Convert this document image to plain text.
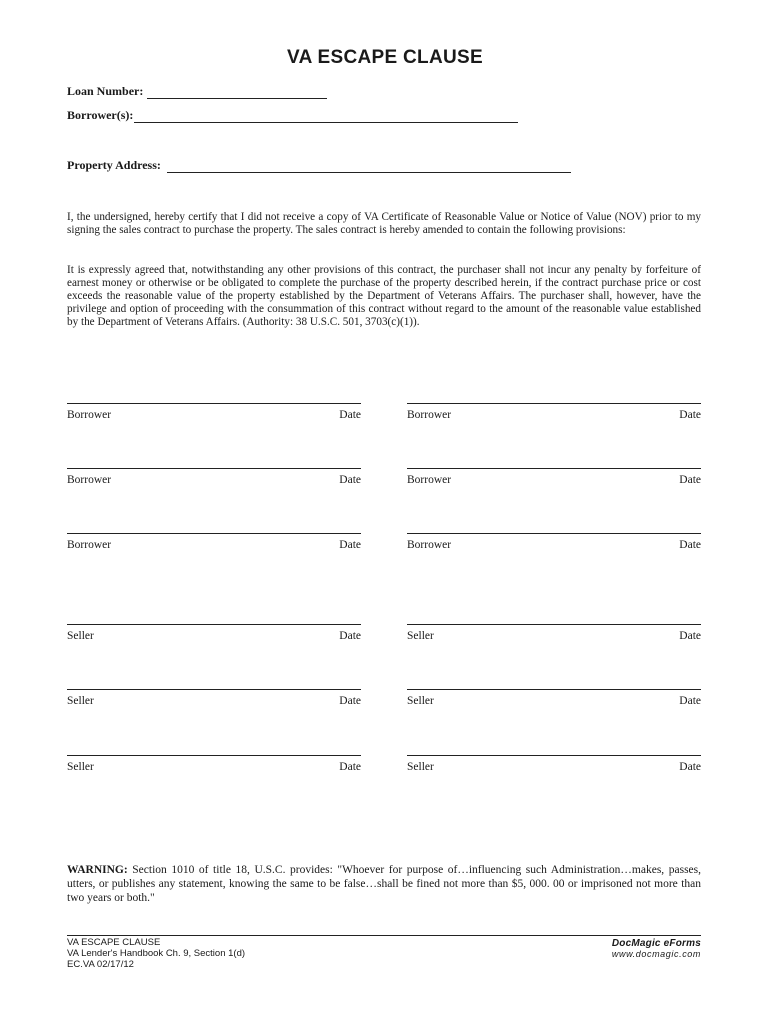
VA ESCAPE CLAUSE
Loan Number:
Borrower(s):
Property Address:
I, the undersigned, hereby certify that I did not receive a copy of VA Certificate of Reasonable Value or Notice of Value (NOV) prior to my signing the sales contract to purchase the property. The sales contract is hereby amended to contain the following provisions:
It is expressly agreed that, notwithstanding any other provisions of this contract, the purchaser shall not incur any penalty by forfeiture of earnest money or otherwise or be obligated to complete the purchase of the property described herein, if the contract purchase price or cost exceeds the reasonable value of the property established by the Department of Veterans Affairs. The purchaser shall, however, have the privilege and option of proceeding with the consummation of this contract without regard to the amount of the reasonable value established by the Department of Veterans Affairs. (Authority: 38 U.S.C. 501, 3703(c)(1)).
Borrower	Date	Borrower	Date
Borrower	Date	Borrower	Date
Borrower	Date	Borrower	Date
Seller	Date	Seller	Date
Seller	Date	Seller	Date
Seller	Date	Seller	Date
WARNING: Section 1010 of title 18, U.S.C. provides: "Whoever for purpose of…influencing such Administration…makes, passes, utters, or publishes any statement, knowing the same to be false…shall be fined not more than $5, 000. 00 or imprisoned not more than two years or both."
VA ESCAPE CLAUSE
VA Lender's Handbook Ch. 9, Section 1(d)
EC.VA 02/17/12
DocMagic eForms
www.docmagic.com
